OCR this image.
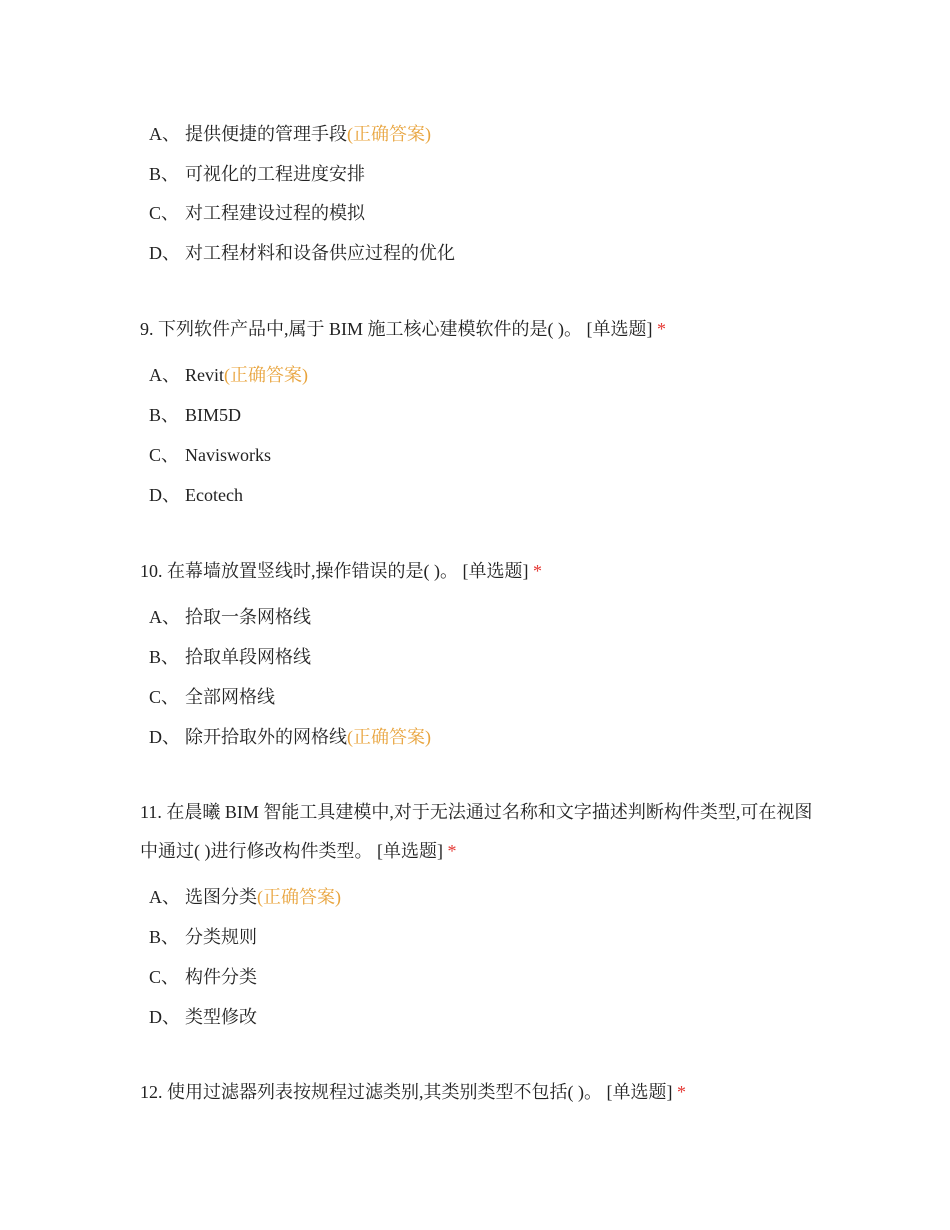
A、 提供便捷的管理手段(正确答案)
B、 可视化的工程进度安排
C、 对工程建设过程的模拟
D、 对工程材料和设备供应过程的优化
9. 下列软件产品中,属于 BIM 施工核心建模软件的是( )。 [单选题] *
A、 Revit(正确答案)
B、 BIM5D
C、 Navisworks
D、 Ecotech
10. 在幕墙放置竖线时,操作错误的是( )。 [单选题] *
A、 拾取一条网格线
B、 拾取单段网格线
C、 全部网格线
D、 除开拾取外的网格线(正确答案)
11. 在晨曦 BIM 智能工具建模中,对于无法通过名称和文字描述判断构件类型,可在视图中通过( )进行修改构件类型。 [单选题] *
A、 选图分类(正确答案)
B、 分类规则
C、 构件分类
D、 类型修改
12. 使用过滤器列表按规程过滤类别,其类别类型不包括( )。 [单选题] *
